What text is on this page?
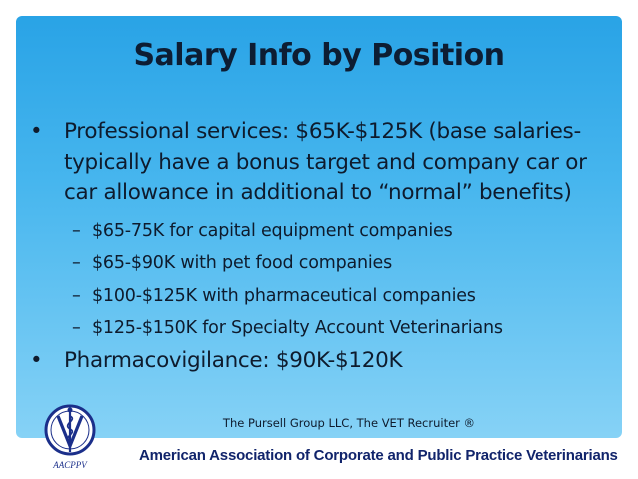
Salary Info by Position
• Professional services: $65K-$125K (base salaries-typically have a bonus target and company car or car allowance in additional to “normal” benefits)
– $65-75K for capital equipment companies
– $65-$90K with pet food companies
– $100-$125K with pharmaceutical companies
– $125-$150K for Specialty Account Veterinarians
• Pharmacovigilance: $90K-$120K
The Pursell Group LLC, The VET Recruiter ®
AACPPV
American Association of Corporate and Public Practice Veterinarians
